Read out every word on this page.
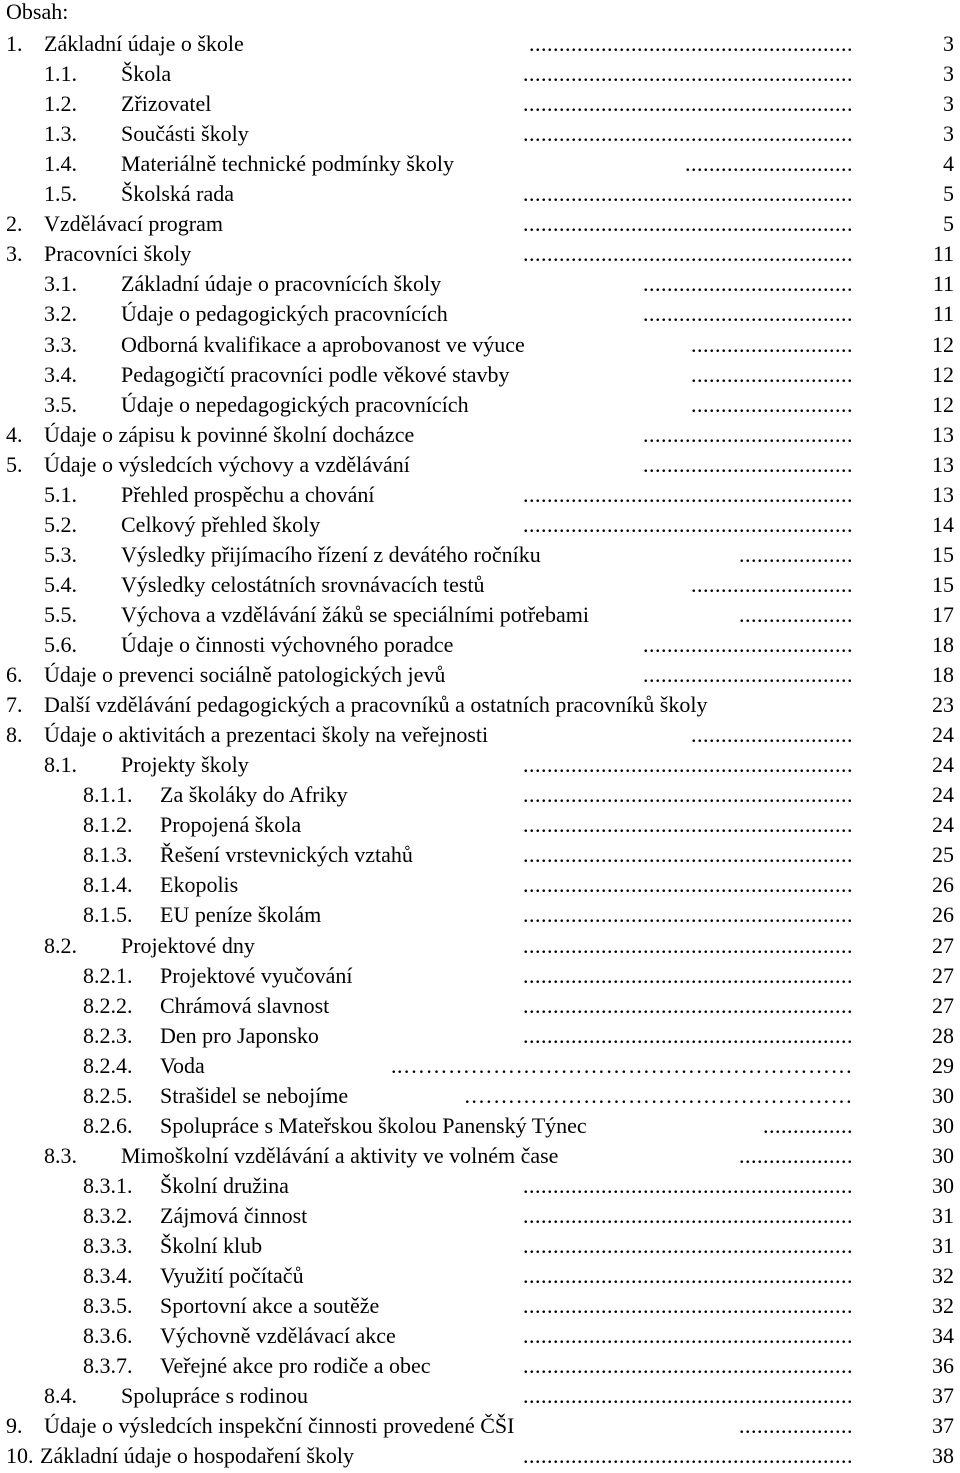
Obsah:
1. Základní údaje o škole	......................................................	3
1.1. Škola	.......................................................	3
1.2. Zřizovatel	.......................................................	3
1.3. Součásti školy	.......................................................	3
1.4. Materiálně technické podmínky školy	............................	4
1.5. Školská rada	.......................................................	5
2. Vzdělávací program	.......................................................	5
3. Pracovníci školy	.......................................................	11
3.1. Základní údaje o pracovnících školy	...................................	11
3.2. Údaje o pedagogických pracovnících	...................................	11
3.3. Odborná kvalifikace a aprobovanost ve výuce	...........................	12
3.4. Pedagogičtí pracovníci podle věkové stavby	...........................	12
3.5. Údaje o nepedagogických pracovnících	...........................	12
4. Údaje o zápisu k povinné školní docházce	...................................	13
5. Údaje o výsledcích výchovy a vzdělávání	...................................	13
5.1. Přehled prospěchu a chování	.......................................................	13
5.2. Celkový přehled školy	.......................................................	14
5.3. Výsledky přijímacího řízení z devátého ročníku	...................	15
5.4. Výsledky celostátních srovnávacích testů	...........................	15
5.5. Výchova a vzdělávání žáků se speciálními potřebami	...................	17
5.6. Údaje o činnosti výchovného poradce	...................................	18
6. Údaje o prevenci sociálně patologických jevů	...................................	18
7. Další vzdělávání pedagogických a pracovníků a ostatních pracovníků školy	23
8. Údaje o aktivitách a prezentaci školy na veřejnosti	...........................	24
8.1. Projekty školy	.......................................................	24
8.1.1. Za školáky do Afriky	.......................................................	24
8.1.2. Propojená škola	.......................................................	24
8.1.3. Řešení vrstevnických vztahů	.......................................................	25
8.1.4. Ekopolis	.......................................................	26
8.1.5. EU peníze školám	.......................................................	26
8.2. Projektové dny	.......................................................	27
8.2.1. Projektové vyučování	.......................................................	27
8.2.2. Chrámová slavnost	.......................................................	27
8.2.3. Den pro Japonsko	.......................................................	28
8.2.4. Voda	……………………………………………………..	29
8.2.5. Strašidel se nebojíme	…………………………………………….	30
8.2.6. Spolupráce s Mateřskou školou Panenský Týnec	...............	30
8.3. Mimoškolní vzdělávání a aktivity ve volném čase	...................	30
8.3.1. Školní družina	.......................................................	30
8.3.2. Zájmová činnost	.......................................................	31
8.3.3. Školní klub	.......................................................	31
8.3.4. Využití počítačů	.......................................................	32
8.3.5. Sportovní akce a soutěže	.......................................................	32
8.3.6. Výchovně vzdělávací akce	.......................................................	34
8.3.7. Veřejné akce pro rodiče a obec	.......................................................	36
8.4. Spolupráce s rodinou	.......................................................	37
9. Údaje o výsledcích inspekční činnosti provedené ČŠI	...................	37
10. Základní údaje o hospodaření školy	.......................................................	38
